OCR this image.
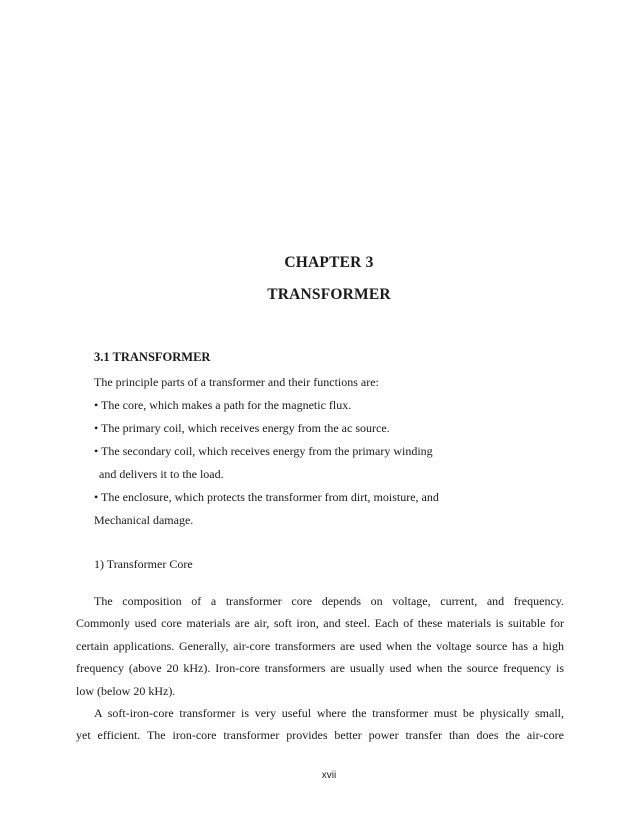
CHAPTER 3
TRANSFORMER
3.1 TRANSFORMER
The principle parts of a transformer and their functions are:
• The core, which makes a path for the magnetic flux.
• The primary coil, which receives energy from the ac source.
• The secondary coil, which receives energy from the primary winding
and delivers it to the load.
• The enclosure, which protects the transformer from dirt, moisture, and
Mechanical damage.
1) Transformer Core
The composition of a transformer core depends on voltage, current, and frequency.
Commonly used core materials are air, soft iron, and steel. Each of these materials is suitable for
certain applications. Generally, air-core transformers are used when the voltage source has a high
frequency (above 20 kHz). Iron-core transformers are usually used when the source frequency is
low (below 20 kHz).
A soft-iron-core transformer is very useful where the transformer must be physically small,
yet efficient. The iron-core transformer provides better power transfer than does the air-core
xvii
